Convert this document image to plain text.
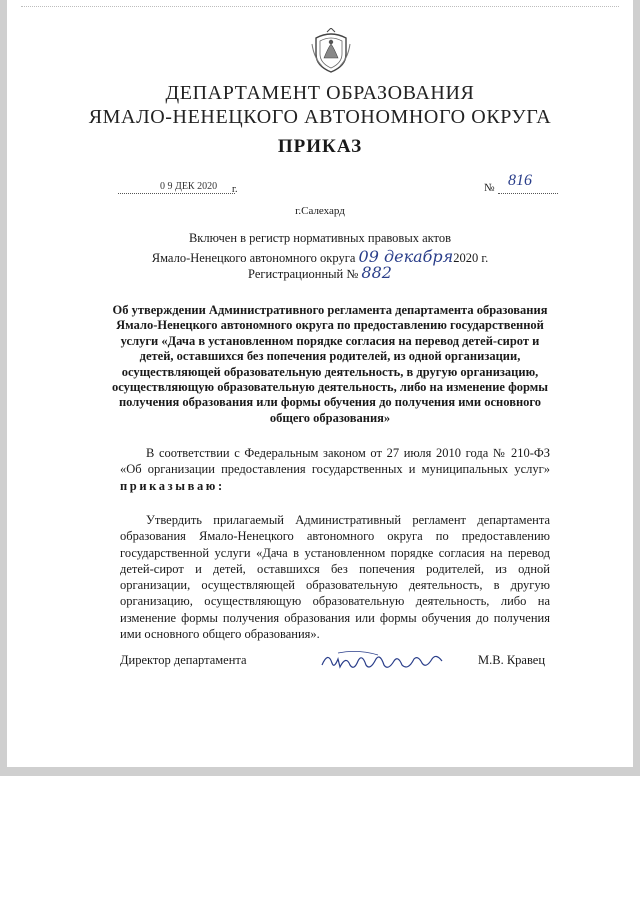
ДЕПАРТАМЕНТ ОБРАЗОВАНИЯ
ЯМАЛО-НЕНЕЦКОГО АВТОНОМНОГО ОКРУГА
ПРИКАЗ
0 9 ДЕК 2020 г.	№ 816
г.Салехард
Включен в регистр нормативных правовых актов
Ямало-Ненецкого автономного округа 09 декабря2020 г.
Регистрационный № 882
Об утверждении Административного регламента департамента образования Ямало-Ненецкого автономного округа по предоставлению государственной услуги «Дача в установленном порядке согласия на перевод детей-сирот и детей, оставшихся без попечения родителей, из одной организации, осуществляющей образовательную деятельность, в другую организацию, осуществляющую образовательную деятельность, либо на изменение формы получения образования или формы обучения до получения ими основного общего образования»
В соответствии с Федеральным законом от 27 июля 2010 года № 210-ФЗ «Об организации предоставления государственных и муниципальных услуг» приказываю:
Утвердить прилагаемый Административный регламент департамента образования Ямало-Ненецкого автономного округа по предоставлению государственной услуги «Дача в установленном порядке согласия на перевод детей-сирот и детей, оставшихся без попечения родителей, из одной организации, осуществляющей образовательную деятельность, в другую организацию, осуществляющую образовательную деятельность, либо на изменение формы получения образования или формы обучения до получения ими основного общего образования».
Директор департамента	М.В. Кравец
